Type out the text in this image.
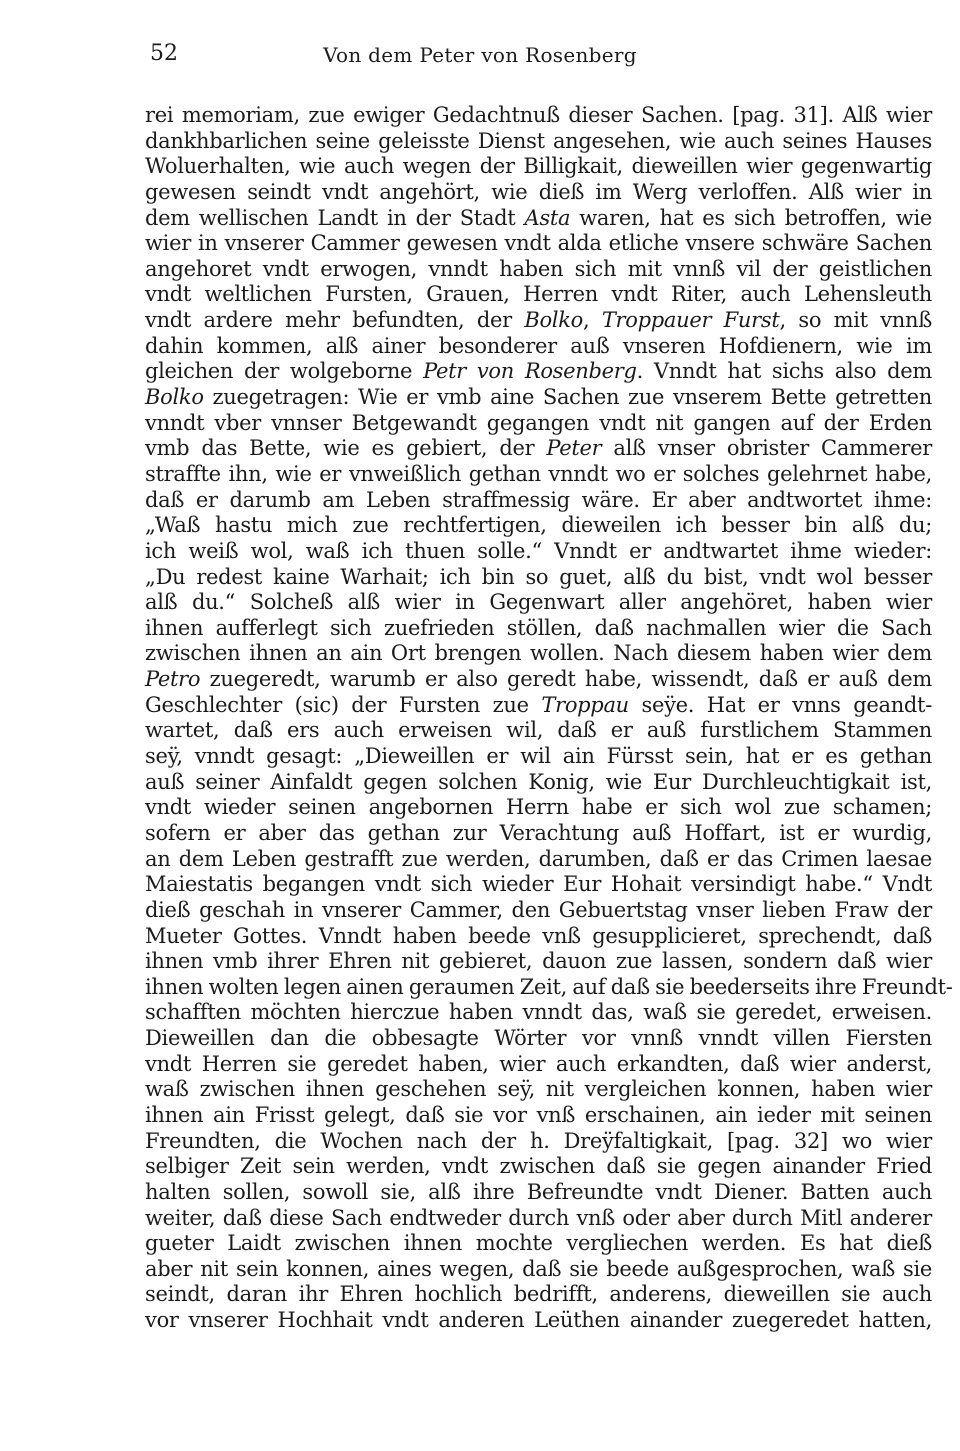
52	Von dem Peter von Rosenberg
rei memoriam, zue ewiger Gedachtnuß dieser Sachen. [pag. 31]. Alß wier
dankhbarlichen seine geleisste Dienst angesehen, wie auch seines Hauses
Woluerhalten, wie auch wegen der Billigkait, dieweillen wier gegenwartig
gewesen seindt vndt angehört, wie dieß im Werg verloffen. Alß wier in
dem wellischen Landt in der Stadt Asta waren, hat es sich betroffen, wie
wier in vnserer Cammer gewesen vndt alda etliche vnsere schwäre Sachen
angehoret vndt erwogen, vnndt haben sich mit vnnß vil der geistlichen
vndt weltlichen Fursten, Grauen, Herren vndt Riter, auch Lehensleuth
vndt ardere mehr befundten, der Bolko, Troppauer Furst, so mit vnnß
dahin kommen, alß ainer besonderer auß vnseren Hofdienern, wie im
gleichen der wolgeborne Petr von Rosenberg. Vnndt hat sichs also dem
Bolko zuegetragen: Wie er vmb aine Sachen zue vnserem Bette getretten
vnndt vber vnnser Betgewandt gegangen vndt nit gangen auf der Erden
vmb das Bette, wie es gebiert, der Peter alß vnser obrister Cammerer
straffte ihn, wie er vnweißlich gethan vnndt wo er solches gelehrnet habe,
daß er darumb am Leben straffmessig wäre. Er aber andtwortet ihme:
„Waß hastu mich zue rechtfertigen, dieweilen ich besser bin alß du;
ich weiß wol, waß ich thuen solle.“ Vnndt er andtwartet ihme wieder:
„Du redest kaine Warhait; ich bin so guet, alß du bist, vndt wol besser
alß du.“ Solcheß alß wier in Gegenwart aller angehöret, haben wier
ihnen aufferlegt sich zuefrieden stöllen, daß nachmallen wier die Sach
zwischen ihnen an ain Ort brengen wollen. Nach diesem haben wier dem
Petro zuegeredt, warumb er also geredt habe, wissendt, daß er auß dem
Geschlechter (sic) der Fursten zue Troppau seÿe. Hat er vnns geandt-
wartet, daß ers auch erweisen wil, daß er auß furstlichem Stammen
seÿ, vnndt gesagt: „Dieweillen er wil ain Fürsst sein, hat er es gethan
auß seiner Ainfaldt gegen solchen Konig, wie Eur Durchleuchtigkait ist,
vndt wieder seinen angebornen Herrn habe er sich wol zue schamen;
sofern er aber das gethan zur Verachtung auß Hoffart, ist er wurdig,
an dem Leben gestrafft zue werden, darumben, daß er das Crimen laesae
Maiestatis begangen vndt sich wieder Eur Hohait versindigt habe.“ Vndt
dieß geschah in vnserer Cammer, den Gebuertstag vnser lieben Fraw der
Mueter Gottes. Vnndt haben beede vnß gesupplicieret, sprechendt, daß
ihnen vmb ihrer Ehren nit gebieret, dauon zue lassen, sondern daß wier
ihnen wolten legen ainen geraumen Zeit, auf daß sie beederseits ihre Freundt-
schafften möchten hierczue haben vnndt das, waß sie geredet, erweisen.
Dieweillen dan die obbesagte Wörter vor vnnß vnndt villen Fiersten
vndt Herren sie geredet haben, wier auch erkandten, daß wier anderst,
waß zwischen ihnen geschehen seÿ, nit vergleichen konnen, haben wier
ihnen ain Frisst gelegt, daß sie vor vnß erschainen, ain ieder mit seinen
Freundten, die Wochen nach der h. Dreÿfaltigkait, [pag. 32] wo wier
selbiger Zeit sein werden, vndt zwischen daß sie gegen ainander Fried
halten sollen, sowoll sie, alß ihre Befreundte vndt Diener. Batten auch
weiter, daß diese Sach endtweder durch vnß oder aber durch Mitl anderer
gueter Laidt zwischen ihnen mochte vergliechen werden. Es hat dieß
aber nit sein konnen, aines wegen, daß sie beede außgesprochen, waß sie
seindt, daran ihr Ehren hochlich bedrifft, anderens, dieweillen sie auch
vor vnserer Hochhait vndt anderen Leüthen ainander zuegeredet hatten,
